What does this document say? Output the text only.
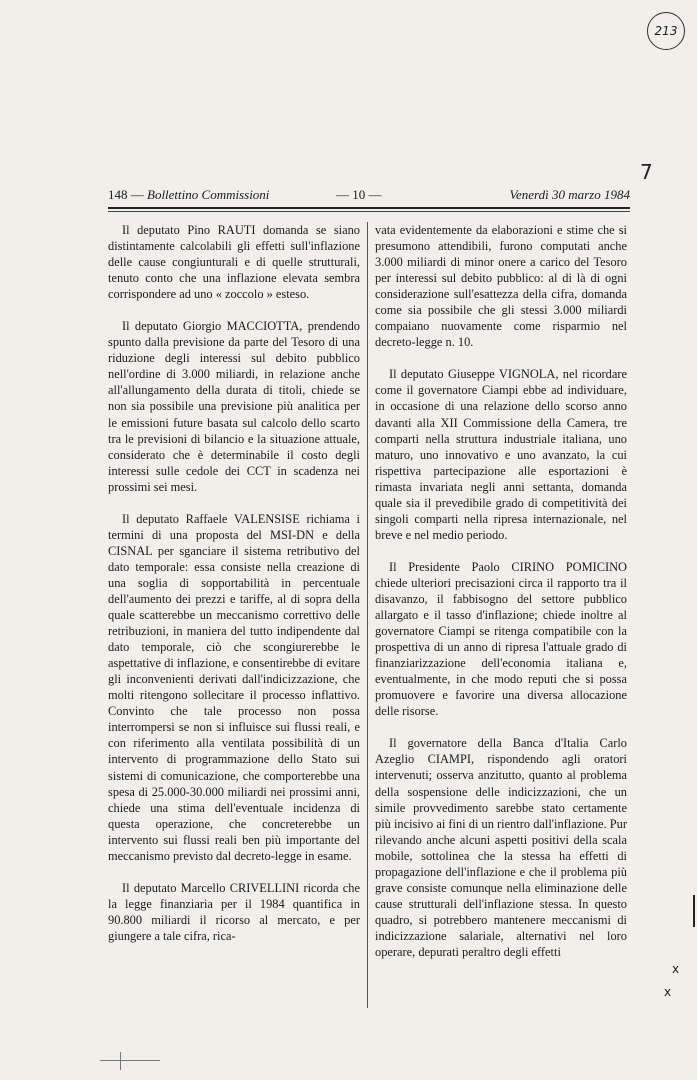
213
7
148 — Bollettino Commissioni	— 10 —	Venerdì 30 marzo 1984

Il deputato Pino RAUTI domanda se siano distintamente calcolabili gli effetti sull'inflazione delle cause congiunturali e di quelle strutturali, tenuto conto che una inflazione elevata sembra corrispondere ad uno « zoccolo » esteso.

Il deputato Giorgio MACCIOTTA, prendendo spunto dalla previsione da parte del Tesoro di una riduzione degli interessi sul debito pubblico nell'ordine di 3.000 miliardi, in relazione anche all'allungamento della durata di titoli, chiede se non sia possibile una previsione più analitica per le emissioni future basata sul calcolo dello scarto tra le previsioni di bilancio e la situazione attuale, considerato che è determinabile il costo degli interessi sulle cedole dei CCT in scadenza nei prossimi sei mesi.

Il deputato Raffaele VALENSISE richiama i termini di una proposta del MSI-DN e della CISNAL per sganciare il sistema retributivo del dato temporale: essa consiste nella creazione di una soglia di sopportabilità in percentuale dell'aumento dei prezzi e tariffe, al di sopra della quale scatterebbe un meccanismo correttivo delle retribuzioni, in maniera del tutto indipendente dal dato temporale, ciò che scongiurerebbe le aspettative di inflazione, e consentirebbe di evitare gli inconvenienti derivati dall'indicizzazione, che molti ritengono sollecitare il processo inflattivo. Convinto che tale processo non possa interrompersi se non si influisce sui flussi reali, e con riferimento alla ventilata possibilità di un intervento di programmazione dello Stato sui sistemi di comunicazione, che comporterebbe una spesa di 25.000-30.000 miliardi nei prossimi anni, chiede una stima dell'eventuale incidenza di questa operazione, che concreterebbe un intervento sui flussi reali ben più importante del meccanismo previsto dal decreto-legge in esame.

Il deputato Marcello CRIVELLINI ricorda che la legge finanziaria per il 1984 quantifica in 90.800 miliardi il ricorso al mercato, e per giungere a tale cifra, rica-

vata evidentemente da elaborazioni e stime che si presumono attendibili, furono computati anche 3.000 miliardi di minor onere a carico del Tesoro per interessi sul debito pubblico: al di là di ogni considerazione sull'esattezza della cifra, domanda come sia possibile che gli stessi 3.000 miliardi compaiano nuovamente come risparmio nel decreto-legge n. 10.

Il deputato Giuseppe VIGNOLA, nel ricordare come il governatore Ciampi ebbe ad individuare, in occasione di una relazione dello scorso anno davanti alla XII Commissione della Camera, tre comparti nella struttura industriale italiana, uno maturo, uno innovativo e uno avanzato, la cui rispettiva partecipazione alle esportazioni è rimasta invariata negli anni settanta, domanda quale sia il prevedibile grado di competitività dei singoli comparti nella ripresa internazionale, nel breve e nel medio periodo.

Il Presidente Paolo CIRINO POMICINO chiede ulteriori precisazioni circa il rapporto tra il disavanzo, il fabbisogno del settore pubblico allargato e il tasso d'inflazione; chiede inoltre al governatore Ciampi se ritenga compatibile con la prospettiva di un anno di ripresa l'attuale grado di finanziarizzazione dell'economia italiana e, eventualmente, in che modo reputi che si possa promuovere e favorire una diversa allocazione delle risorse.

Il governatore della Banca d'Italia Carlo Azeglio CIAMPI, rispondendo agli oratori intervenuti; osserva anzitutto, quanto al problema della sospensione delle indicizzazioni, che un simile provvedimento sarebbe stato certamente più incisivo ai fini di un rientro dall'inflazione. Pur rilevando anche alcuni aspetti positivi della scala mobile, sottolinea che la stessa ha effetti di propagazione dell'inflazione e che il problema più grave consiste comunque nella eliminazione delle cause strutturali dell'inflazione stessa. In questo quadro, si potrebbero mantenere meccanismi di indicizzazione salariale, alternativi nel loro operare, depurati peraltro degli effetti

x
x
